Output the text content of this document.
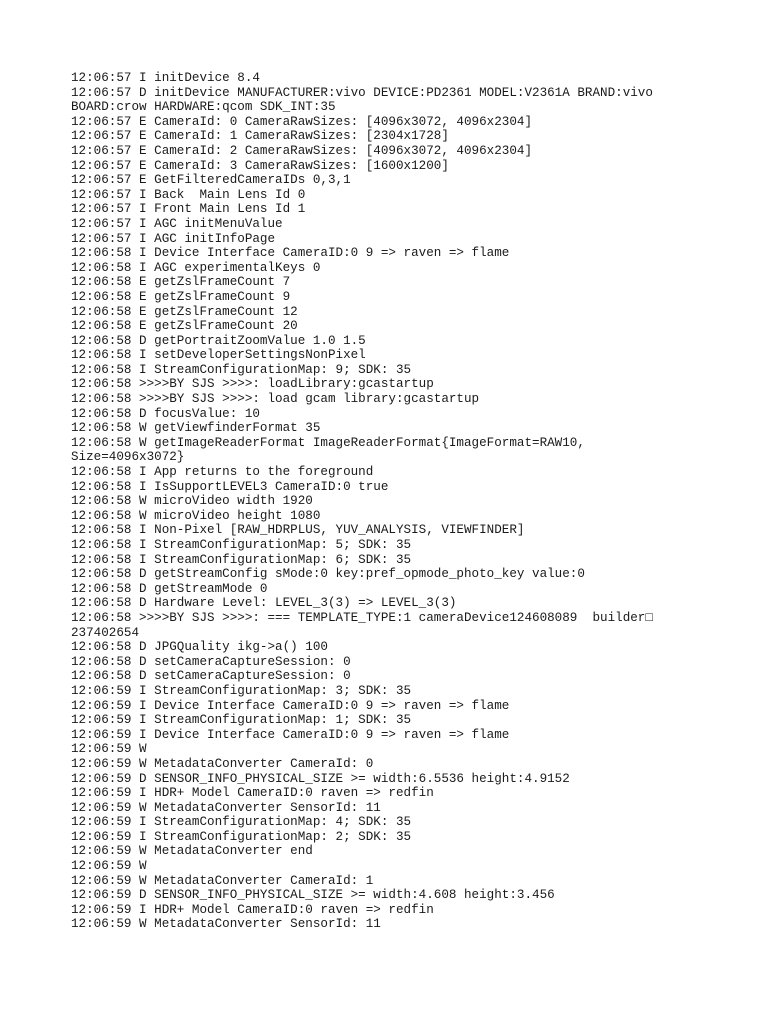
12:06:57 I initDevice 8.4
12:06:57 D initDevice MANUFACTURER:vivo DEVICE:PD2361 MODEL:V2361A BRAND:vivo
BOARD:crow HARDWARE:qcom SDK_INT:35
12:06:57 E CameraId: 0 CameraRawSizes: [4096x3072, 4096x2304]
12:06:57 E CameraId: 1 CameraRawSizes: [2304x1728]
12:06:57 E CameraId: 2 CameraRawSizes: [4096x3072, 4096x2304]
12:06:57 E CameraId: 3 CameraRawSizes: [1600x1200]
12:06:57 E GetFilteredCameraIDs 0,3,1
12:06:57 I Back  Main Lens Id 0
12:06:57 I Front Main Lens Id 1
12:06:57 I AGC initMenuValue
12:06:57 I AGC initInfoPage
12:06:58 I Device Interface CameraID:0 9 => raven => flame
12:06:58 I AGC experimentalKeys 0
12:06:58 E getZslFrameCount 7
12:06:58 E getZslFrameCount 9
12:06:58 E getZslFrameCount 12
12:06:58 E getZslFrameCount 20
12:06:58 D getPortraitZoomValue 1.0 1.5
12:06:58 I setDeveloperSettingsNonPixel
12:06:58 I StreamConfigurationMap: 9; SDK: 35
12:06:58 >>>>BY SJS >>>>: loadLibrary:gcastartup
12:06:58 >>>>BY SJS >>>>: load gcam library:gcastartup
12:06:58 D focusValue: 10
12:06:58 W getViewfinderFormat 35
12:06:58 W getImageReaderFormat ImageReaderFormat{ImageFormat=RAW10,
Size=4096x3072}
12:06:58 I App returns to the foreground
12:06:58 I IsSupportLEVEL3 CameraID:0 true
12:06:58 W microVideo width 1920
12:06:58 W microVideo height 1080
12:06:58 I Non-Pixel [RAW_HDRPLUS, YUV_ANALYSIS, VIEWFINDER]
12:06:58 I StreamConfigurationMap: 5; SDK: 35
12:06:58 I StreamConfigurationMap: 6; SDK: 35
12:06:58 D getStreamConfig sMode:0 key:pref_opmode_photo_key value:0
12:06:58 D getStreamMode 0
12:06:58 D Hardware Level: LEVEL_3(3) => LEVEL_3(3)
12:06:58 >>>>BY SJS >>>>: === TEMPLATE_TYPE:1 cameraDevice124608089  builder□
237402654
12:06:58 D JPGQuality ikg->a() 100
12:06:58 D setCameraCaptureSession: 0
12:06:58 D setCameraCaptureSession: 0
12:06:59 I StreamConfigurationMap: 3; SDK: 35
12:06:59 I Device Interface CameraID:0 9 => raven => flame
12:06:59 I StreamConfigurationMap: 1; SDK: 35
12:06:59 I Device Interface CameraID:0 9 => raven => flame
12:06:59 W
12:06:59 W MetadataConverter CameraId: 0
12:06:59 D SENSOR_INFO_PHYSICAL_SIZE >= width:6.5536 height:4.9152
12:06:59 I HDR+ Model CameraID:0 raven => redfin
12:06:59 W MetadataConverter SensorId: 11
12:06:59 I StreamConfigurationMap: 4; SDK: 35
12:06:59 I StreamConfigurationMap: 2; SDK: 35
12:06:59 W MetadataConverter end
12:06:59 W
12:06:59 W MetadataConverter CameraId: 1
12:06:59 D SENSOR_INFO_PHYSICAL_SIZE >= width:4.608 height:3.456
12:06:59 I HDR+ Model CameraID:0 raven => redfin
12:06:59 W MetadataConverter SensorId: 11
